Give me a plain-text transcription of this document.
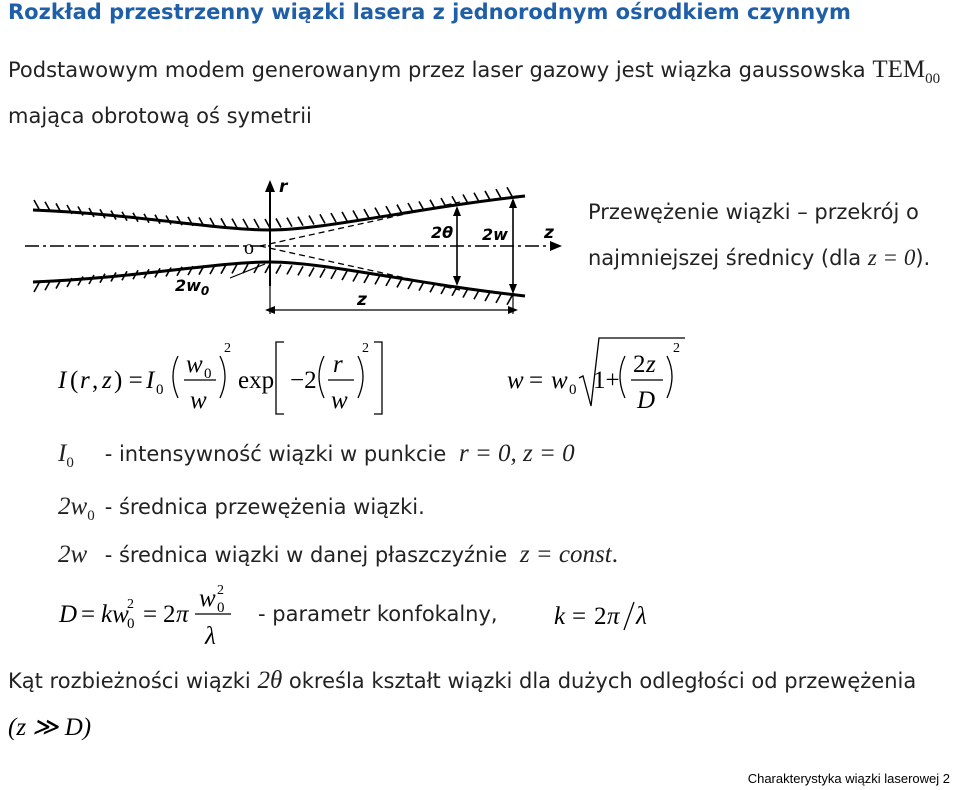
Rozkład przestrzenny wiązki lasera z jednorodnym ośrodkiem czynnym
Podstawowym modem generowanym przez laser gazowy jest wiązka gaussowska $TEM_{00}$
mająca obrotową oś symetrii
r
o
2θ 2w z
$2w_0$	z
Przewężenie wiązki – przekrój o
najmniejszej średnicy (dla z = 0).
I ( r , z ) = I 0
w 0
w
2
exp −2
r
w
2
w = w 0 1+
2 z
D
2
$I_0$ - intensywność wiązki w punkcie r = 0, z = 0
$2w_0$ - średnica przewężenia wiązki.
2w - średnica wiązki w danej płaszczyźnie z = const.
D = kw
2
0 = 2 π
w 2
0
λ
- parametr konfokalny, k = 2 π λ
Kąt rozbieżności wiązki 2θ określa kształt wiązki dla dużych odległości od przewężenia
(z ≫ D)
Charakterystyka wiązki laserowej 2
